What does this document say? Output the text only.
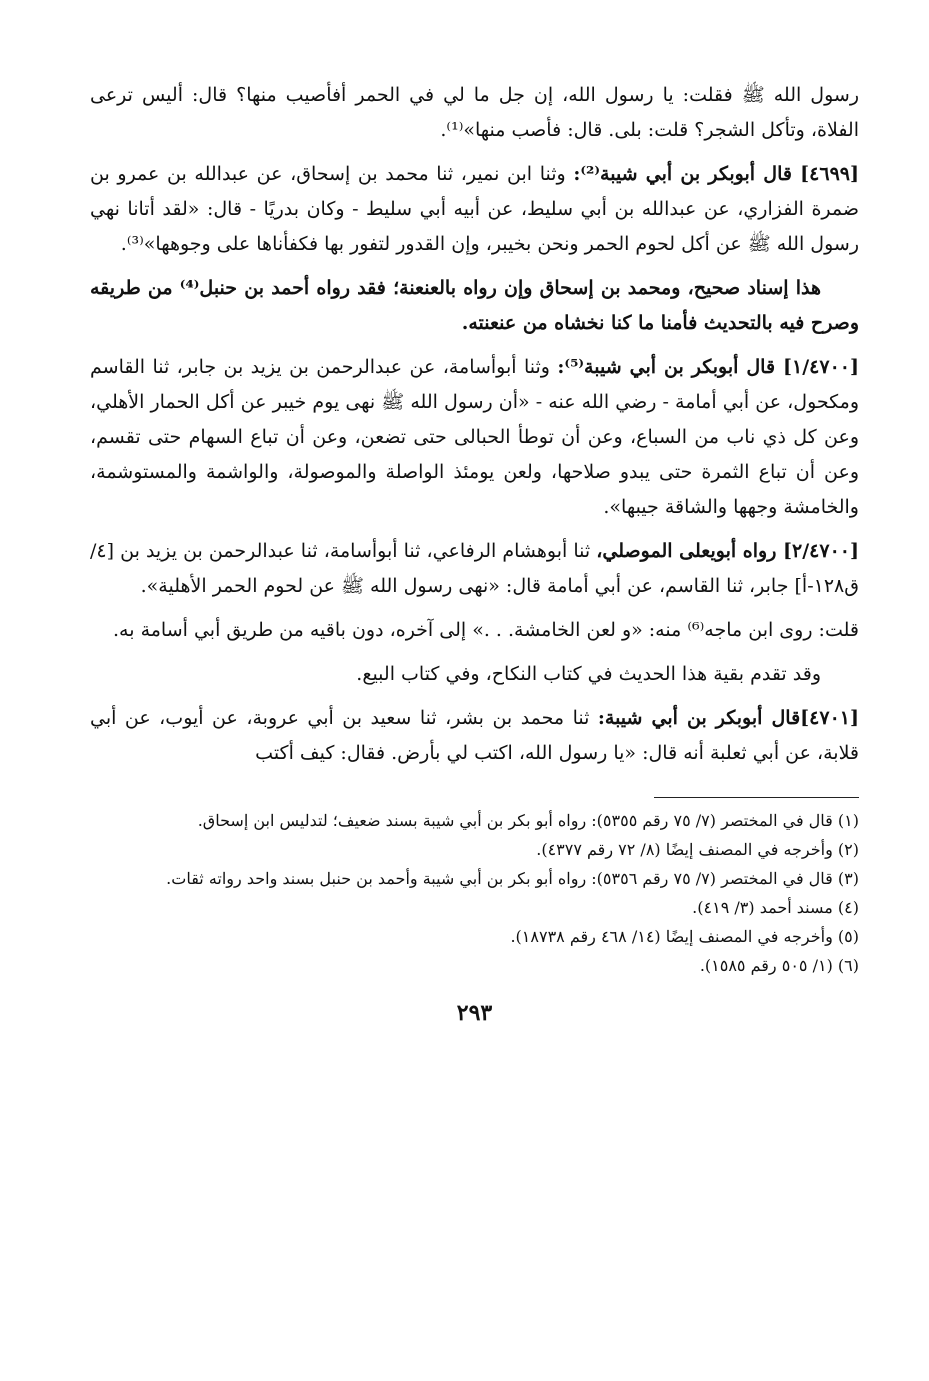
رسول الله ﷺ فقلت: يا رسول الله، إن جل ما لي في الحمر أفأصيب منها؟ قال: أليس ترعى الفلاة، وتأكل الشجر؟ قلت: بلى. قال: فأصب منها»⁽¹⁾.

[٤٦٩٩] قال أبوبكر بن أبي شيبة⁽²⁾: وثنا ابن نمير، ثنا محمد بن إسحاق، عن عبدالله بن عمرو بن ضمرة الفزاري، عن عبدالله بن أبي سليط، عن أبيه أبي سليط - وكان بدريًا - قال: «لقد أتانا نهي رسول الله ﷺ عن أكل لحوم الحمر ونحن بخيبر، وإن القدور لتفور بها فكفأناها على وجوهها»⁽³⁾.

هذا إسناد صحيح، ومحمد بن إسحاق وإن رواه بالعنعنة؛ فقد رواه أحمد بن حنبل⁽⁴⁾ من طريقه وصرح فيه بالتحديث فأمنا ما كنا نخشاه من عنعنته.

[١/٤٧٠٠] قال أبوبكر بن أبي شيبة⁽⁵⁾: وثنا أبوأسامة، عن عبدالرحمن بن يزيد بن جابر، ثنا القاسم ومكحول، عن أبي أمامة - رضي الله عنه - «أن رسول الله ﷺ نهى يوم خيبر عن أكل الحمار الأهلي، وعن كل ذي ناب من السباع، وعن أن توطأ الحبالى حتى تضعن، وعن أن تباع السهام حتى تقسم، وعن أن تباع الثمرة حتى يبدو صلاحها، ولعن يومئذ الواصلة والموصولة، والواشمة والمستوشمة، والخامشة وجهها والشاقة جيبها».

[٢/٤٧٠٠] رواه أبويعلى الموصلي، ثنا أبوهشام الرفاعي، ثنا أبوأسامة، ثنا عبدالرحمن بن يزيد بن [٤/ق١٢٨-أ] جابر، ثنا القاسم، عن أبي أمامة قال: «نهى رسول الله ﷺ عن لحوم الحمر الأهلية».

قلت: روى ابن ماجه⁽⁶⁾ منه: «و لعن الخامشة. . .» إلى آخره، دون باقيه من طريق أبي أسامة به.

وقد تقدم بقية هذا الحديث في كتاب النكاح، وفي كتاب البيع.

[٤٧٠١]قال أبوبكر بن أبي شيبة: ثنا محمد بن بشر، ثنا سعيد بن أبي عروبة، عن أيوب، عن أبي قلابة، عن أبي ثعلبة أنه قال: «يا رسول الله، اكتب لي بأرض. فقال: كيف أكتب

(١) قال في المختصر (٧/ ٧٥ رقم ٥٣٥٥): رواه أبو بكر بن أبي شيبة بسند ضعيف؛ لتدليس ابن إسحاق.

(٢) وأخرجه في المصنف إيضًا (٨/ ٧٢ رقم ٤٣٧٧).

(٣) قال في المختصر (٧/ ٧٥ رقم ٥٣٥٦): رواه أبو بكر بن أبي شيبة وأحمد بن حنبل بسند واحد رواته ثقات.

(٤) مسند أحمد (٣/ ٤١٩).

(٥) وأخرجه في المصنف إيضًا (١٤/ ٤٦٨ رقم ١٨٧٣٨).

(٦) (١/ ٥٠٥ رقم ١٥٨٥).

٢٩٣
